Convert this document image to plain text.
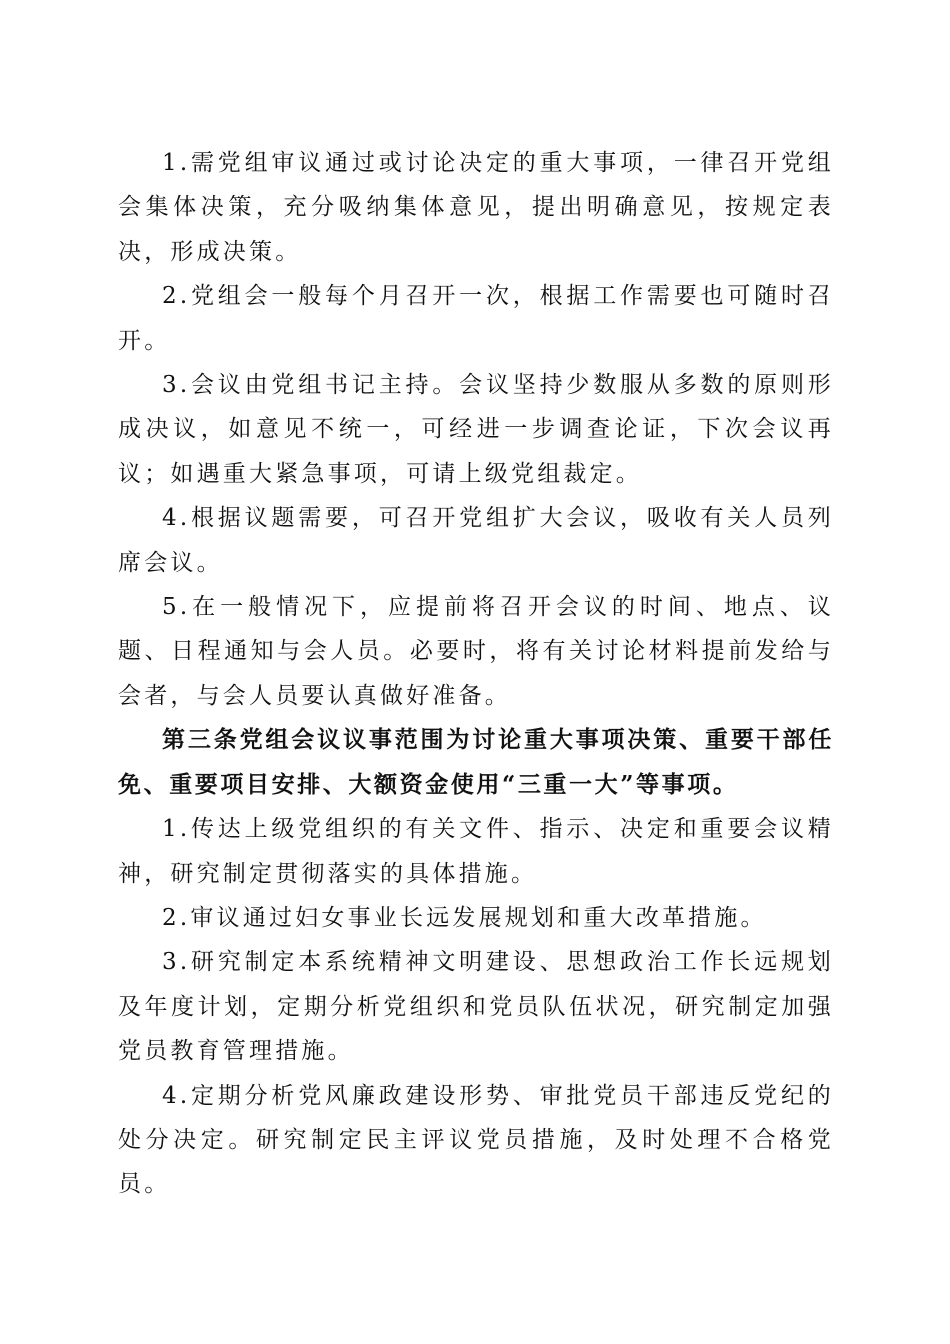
1.需党组审议通过或讨论决定的重大事项，一律召开党组会集体决策，充分吸纳集体意见，提出明确意见，按规定表决，形成决策。

2.党组会一般每个月召开一次，根据工作需要也可随时召开。

3.会议由党组书记主持。会议坚持少数服从多数的原则形成决议，如意见不统一，可经进一步调查论证，下次会议再议；如遇重大紧急事项，可请上级党组裁定。

4.根据议题需要，可召开党组扩大会议，吸收有关人员列席会议。

5.在一般情况下，应提前将召开会议的时间、地点、议题、日程通知与会人员。必要时，将有关讨论材料提前发给与会者，与会人员要认真做好准备。

第三条党组会议议事范围为讨论重大事项决策、重要干部任免、重要项目安排、大额资金使用“三重一大”等事项。

1.传达上级党组织的有关文件、指示、决定和重要会议精神，研究制定贯彻落实的具体措施。

2.审议通过妇女事业长远发展规划和重大改革措施。

3.研究制定本系统精神文明建设、思想政治工作长远规划及年度计划，定期分析党组织和党员队伍状况，研究制定加强党员教育管理措施。

4.定期分析党风廉政建设形势、审批党员干部违反党纪的处分决定。研究制定民主评议党员措施，及时处理不合格党员。
